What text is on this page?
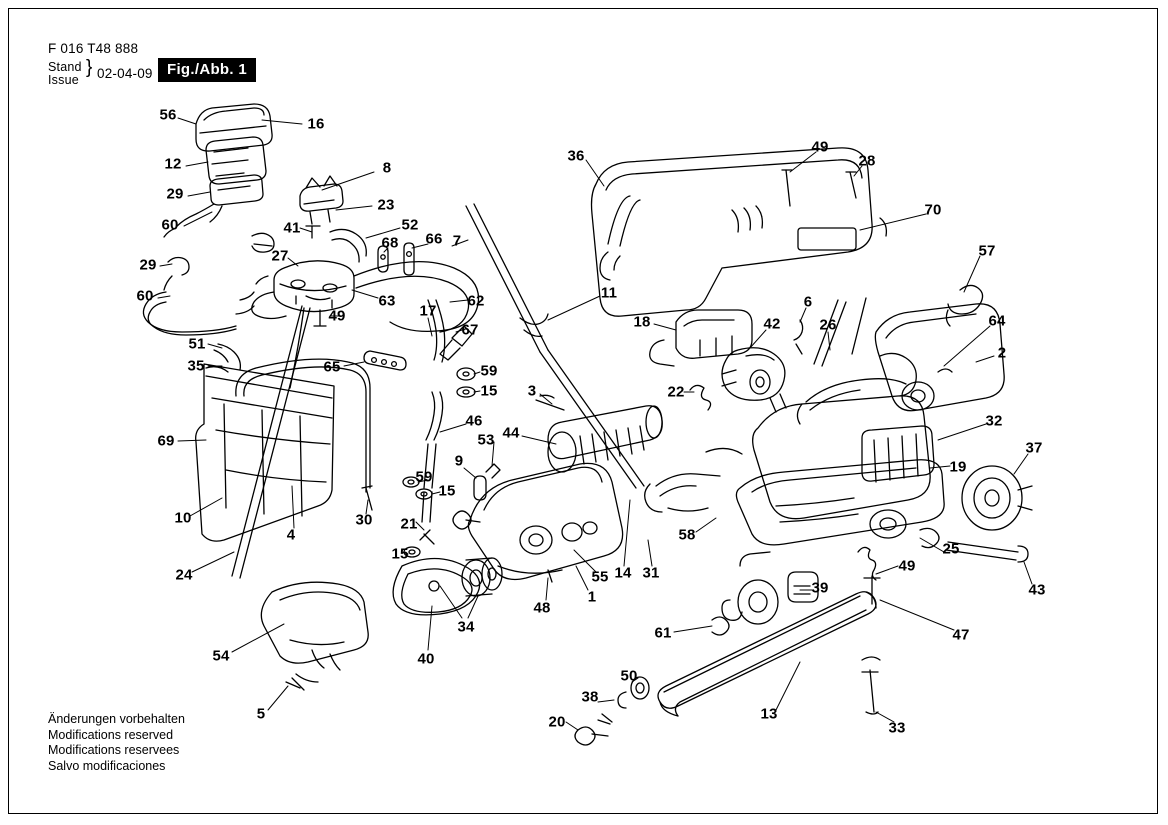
F 016 T48 888
Stand
Issue
} 02-04-09 Fig./Abb. 1
Änderungen vorbehalten
Modifications reserved
Modifications reservees
Salvo modificaciones
56
16
12	8
29
23
60	41	52
68 66 7
27
29
60	63	62
49	17
67
51
35	65	59
15 3
69
46
44
53
9
10
4
30
59
15
21
24
15
54
5
40
34
48
1
55 14 31
36
49
28
70
57
11
6
18	42	26	64
2
22
32
19
37
58
25
49
43
39
47
61
50
38
20	13
33
